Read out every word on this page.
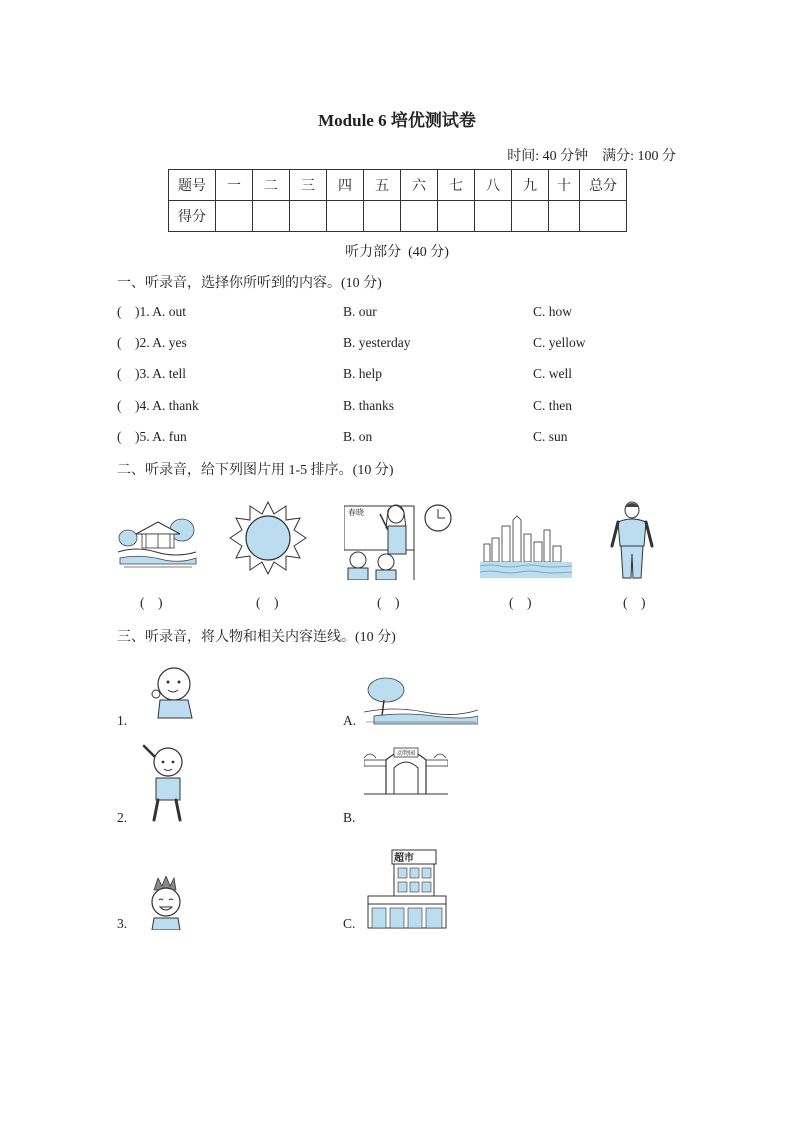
Module 6 培优测试卷
时间: 40 分钟    满分: 100 分
题号	一	二	三	四	五	六	七	八	九	十	总分
得分											
听力部分  (40 分)
一、听录音，选择你所听到的内容。(10 分)
(    )1. A. out	B. our	C. how
(    )2. A. yes	B. yesterday	C. yellow
(    )3. A. tell	B. help	C. well
(    )4. A. thank	B. thanks	C. then
(    )5. A. fun	B. on	C. sun
二、听录音，给下列图片用 1-5 排序。(10 分)
春晓
(    )	(    )	(    )	(    )	(    )
三、听录音，将人物和相关内容连线。(10 分)
1.
2.
3.
A.
B.
C.
动物园
超市
